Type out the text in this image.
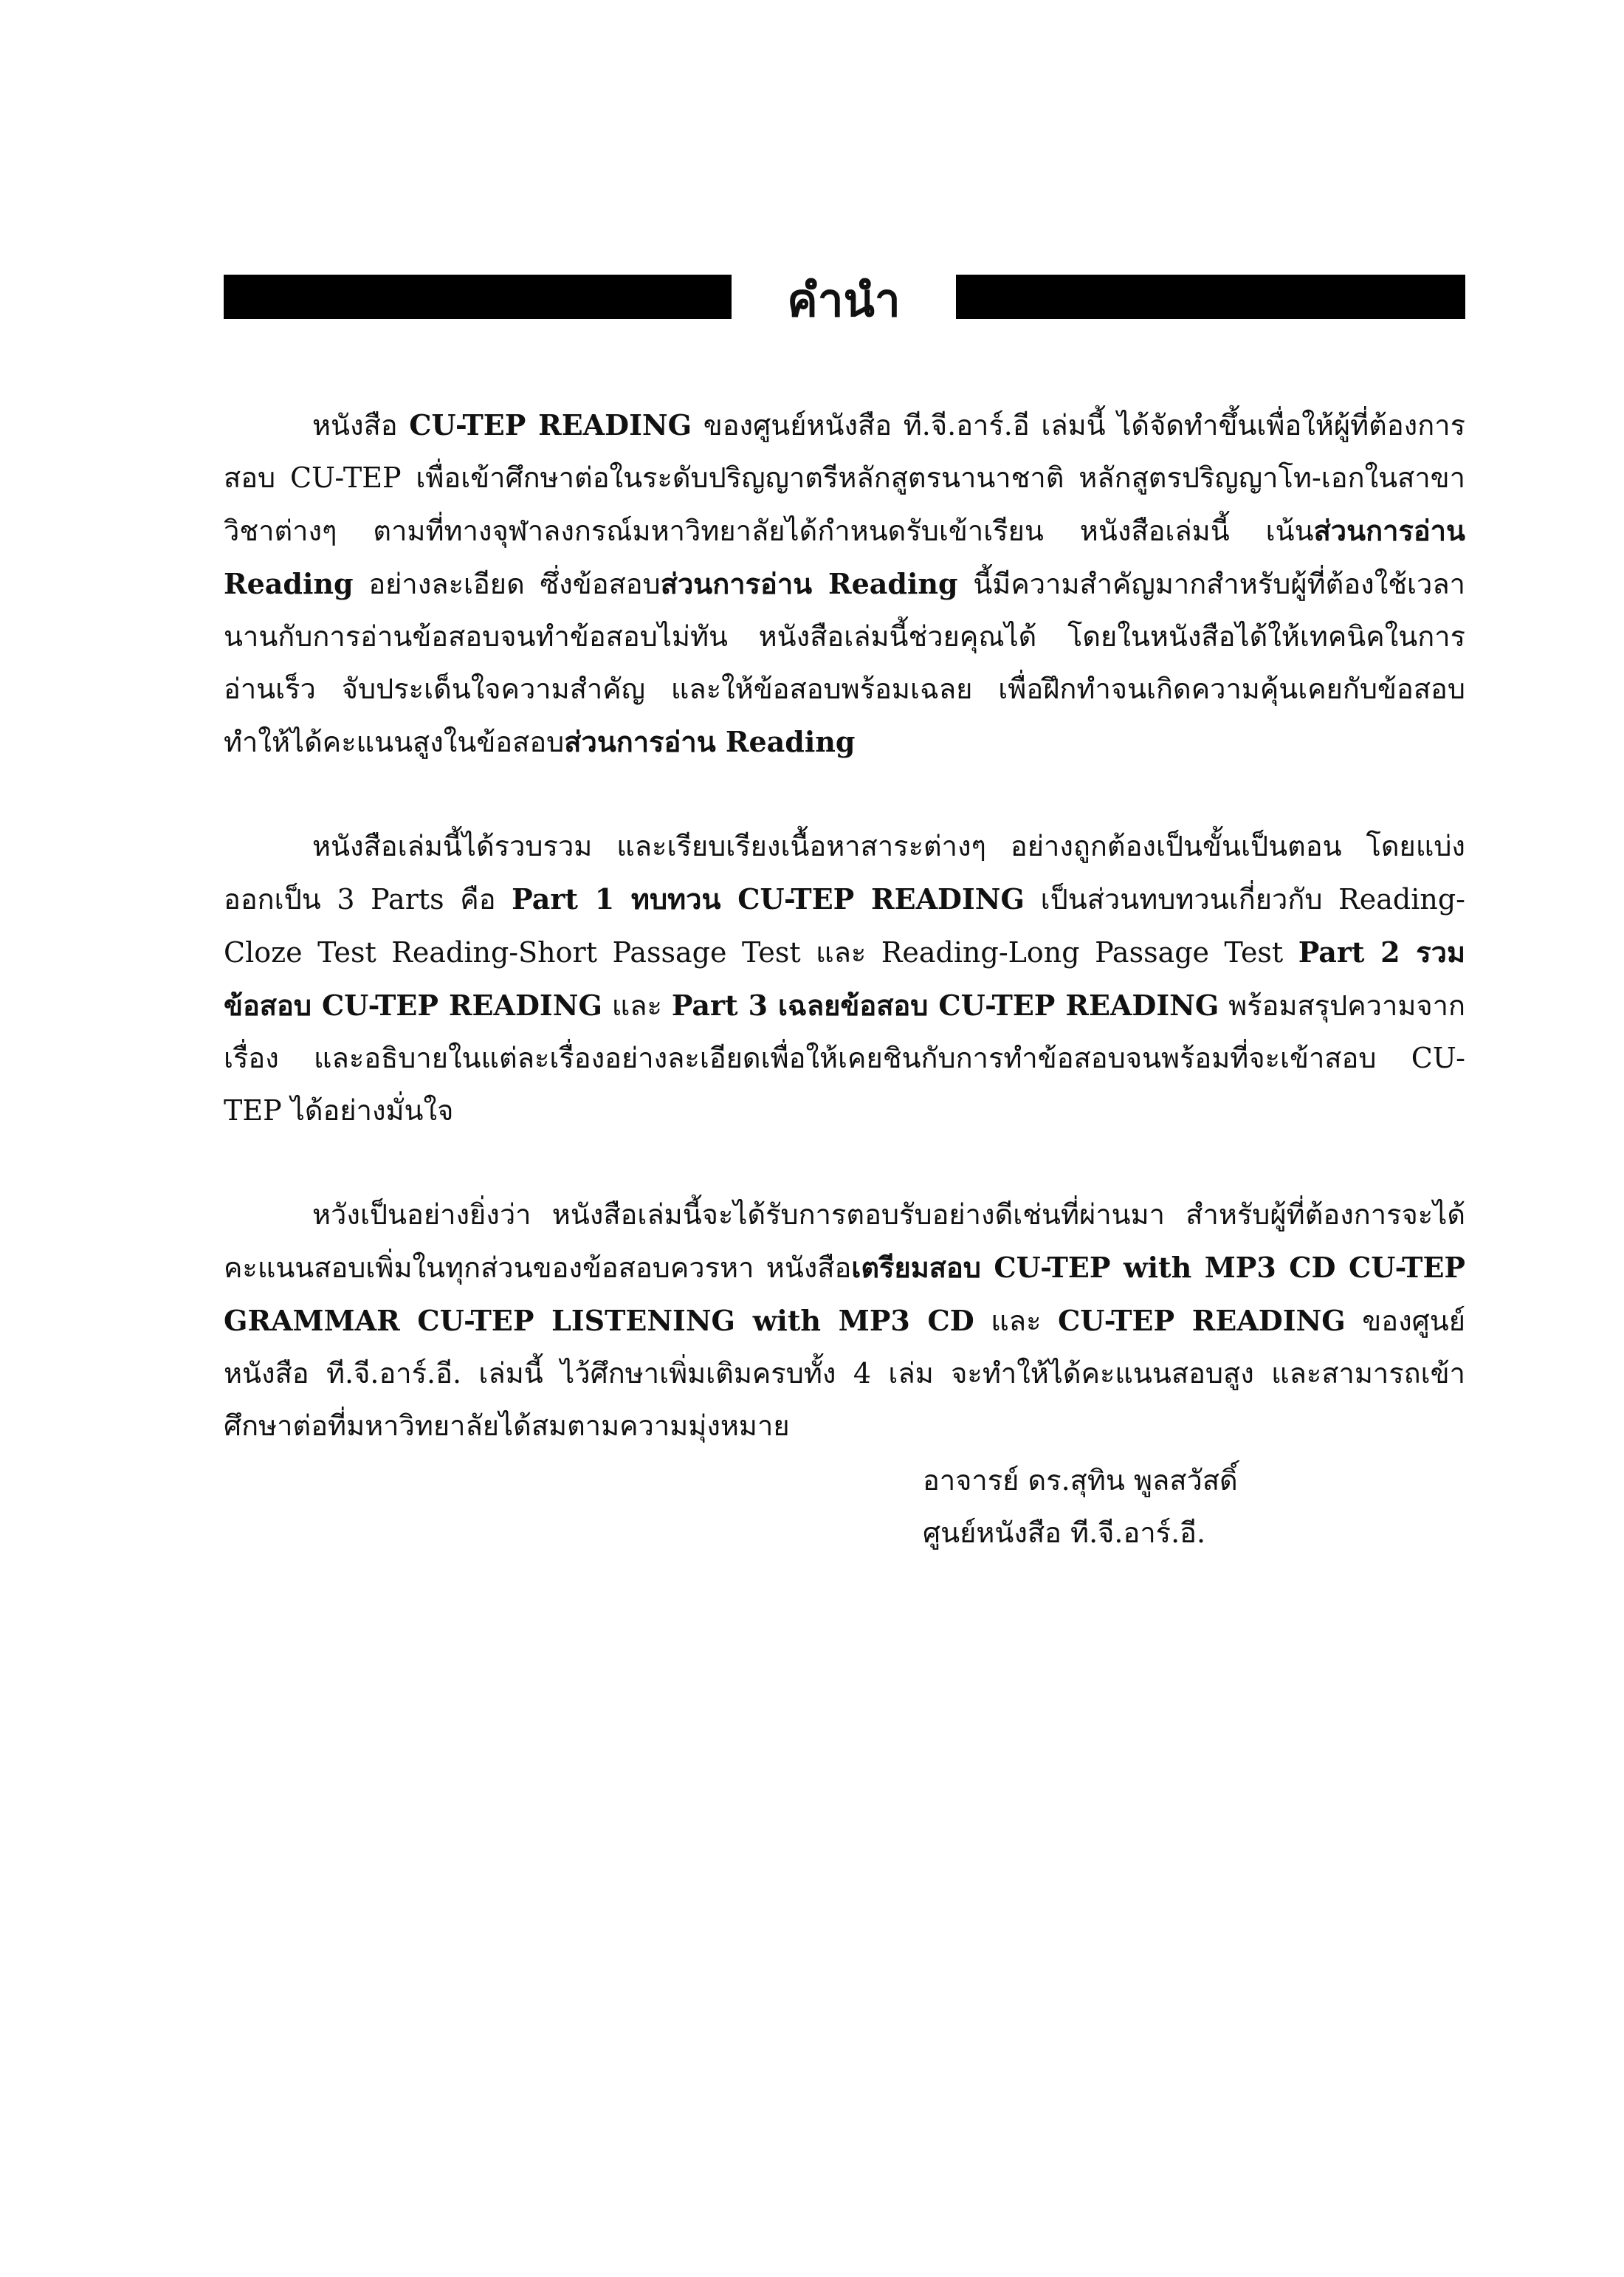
คำนำ

หนังสือ CU-TEP READING ของศูนย์หนังสือ ที.จี.อาร์.อี เล่มนี้ ได้จัดทำขึ้นเพื่อให้ผู้ที่ต้องการสอบ CU-TEP เพื่อเข้าศึกษาต่อในระดับปริญญาตรีหลักสูตรนานาชาติ หลักสูตรปริญญาโท-เอกในสาขาวิชาต่างๆ ตามที่ทางจุฬาลงกรณ์มหาวิทยาลัยได้กำหนดรับเข้าเรียน หนังสือเล่มนี้ เน้นส่วนการอ่าน Reading อย่างละเอียด ซึ่งข้อสอบส่วนการอ่าน Reading นี้มีความสำคัญมากสำหรับผู้ที่ต้องใช้เวลานานกับการอ่านข้อสอบจนทำข้อสอบไม่ทัน หนังสือเล่มนี้ช่วยคุณได้ โดยในหนังสือได้ให้เทคนิคในการอ่านเร็ว จับประเด็นใจความสำคัญ และให้ข้อสอบพร้อมเฉลย เพื่อฝึกทำจนเกิดความคุ้นเคยกับข้อสอบ ทำให้ได้คะแนนสูงในข้อสอบส่วนการอ่าน Reading

หนังสือเล่มนี้ได้รวบรวม และเรียบเรียงเนื้อหาสาระต่างๆ อย่างถูกต้องเป็นขั้นเป็นตอน โดยแบ่งออกเป็น 3 Parts คือ Part 1 ทบทวน CU-TEP READING เป็นส่วนทบทวนเกี่ยวกับ Reading-Cloze Test Reading-Short Passage Test และ Reading-Long Passage Test Part 2 รวมข้อสอบ CU-TEP READING และ Part 3 เฉลยข้อสอบ CU-TEP READING พร้อมสรุปความจากเรื่อง และอธิบายในแต่ละเรื่องอย่างละเอียดเพื่อให้เคยชินกับการทำข้อสอบจนพร้อมที่จะเข้าสอบ CU-TEP ได้อย่างมั่นใจ

หวังเป็นอย่างยิ่งว่า หนังสือเล่มนี้จะได้รับการตอบรับอย่างดีเช่นที่ผ่านมา สำหรับผู้ที่ต้องการจะได้คะแนนสอบเพิ่มในทุกส่วนของข้อสอบควรหา หนังสือเตรียมสอบ CU-TEP with MP3 CD CU-TEP GRAMMAR CU-TEP LISTENING with MP3 CD และ CU-TEP READING ของศูนย์หนังสือ ที.จี.อาร์.อี. เล่มนี้ ไว้ศึกษาเพิ่มเติมครบทั้ง 4 เล่ม จะทำให้ได้คะแนนสอบสูง และสามารถเข้าศึกษาต่อที่มหาวิทยาลัยได้สมตามความมุ่งหมาย

อาจารย์ ดร.สุทิน พูลสวัสดิ์
ศูนย์หนังสือ ที.จี.อาร์.อี.
